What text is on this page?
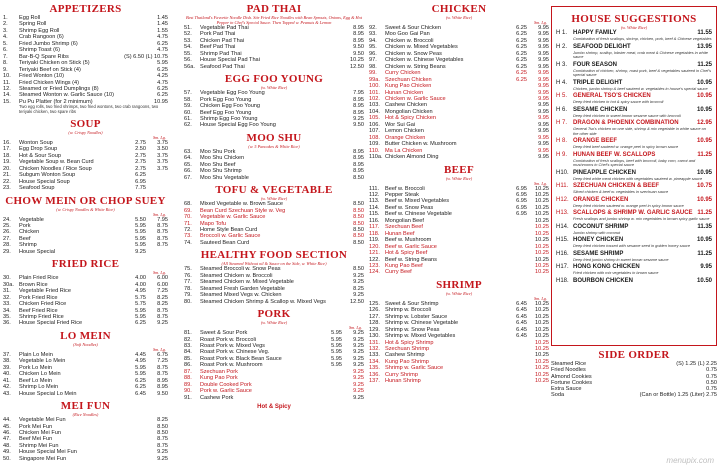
APPETIZERS
1.	Egg Roll	1.45
2.	Spring Roll	1.45
3.	Shrimp Egg Roll	1.55
4.	Crab Rangoon (6)	4.75
5.	Fried Jumbo Shrimp (6)	6.25
6.	Shrimp Toast (6)	4.75
7.	Bar-B-Q Spare Ribs	(S) 6.50 (L) 10.75
8.	Teriyaki Chicken on Stick (5)	5.95
9.	Teriyaki Beef on Stick (4)	6.25
10.	Fried Wonton (10)	4.25
11.	Fried Chicken Wings (4)	4.75
12.	Steamed or Fried Dumplings (8)	6.25
14.	Steamed Wonton w. Garlic Sauce (10)	6.25
15.	Pu Pu Platter (for 2 minimum)	10.95
Two egg rolls, two fried shrimps, two fried wontons, two crab rangoons, two teriyaki chicken, two spare ribs
SOUP
(w. Crispy Noodles)
Sm. Lg.
16.	Wonton Soup	2.75	3.75
17.	Egg Drop Soup	2.50	3.50
18.	Hot & Sour Soup	2.75	3.75
19.	Vegetable Soup w. Bean Curd	2.75	3.75
20.	Chicken Noodles / Rice Soup	2.75	3.75
21.	Subgum Wonton Soup	6.25
22.	House Special Soup	6.95
23.	Seafood Soup	7.75
CHOW MEIN OR CHOP SUEY
(w. Crispy Noodles & White Rice)
Sm. Lg.
24.	Vegetable	5.50	7.95
25.	Pork	5.95	8.75
26.	Chicken	5.95	8.75
27.	Beef	5.95	8.75
28.	Shrimp	5.95	8.75
29.	House Special	9.25
FRIED RICE
Sm. Lg.
30.	Plain Fried Rice	4.00	6.00
30a. Brown Rice	4.00	6.00
31.	Vegetable Fried Rice	4.95	7.25
32.	Pork Fried Rice	5.75	8.25
33.	Chicken Fried Rice	5.75	8.25
34.	Beef Fried Rice	5.95	8.75
35.	Shrimp Fried Rice	5.95	8.75
36.	House Special Fried Rice	6.25	9.25
LO MEIN
(Soft Noodles)
Sm. Lg.
37.	Plain Lo Mein	4.45	6.75
38.	Vegetable Lo Mein	4.95	7.25
39.	Pork Lo Mein	5.95	8.75
40.	Chicken Lo Mein	5.95	8.75
41.	Beef Lo Mein	6.25	8.95
42.	Shrimp Lo Mein	6.25	8.95
43.	House Special Lo Mein	6.45	9.50
MEI FUN
(Rice Noodles)
44.	Vegetable Mei Fun	8.25
45.	Pork Mei Fun	8.50
46.	Chicken Mei Fun	8.50
47.	Beef Mei Fun	8.75
48.	Shrimp Mei Fun	8.75
49.	House Special Mei Fun	9.25
50.	Singapore Mei Fun	9.25
PAD THAI
Best Thailand's Favorite Noodle Dish. Stir Fried Rice Noodles with Bean Sprouts, Onions, Egg & Hot Pepper in Chef's Special Sauce. Then Topped w. Peanuts & Lemon
51.	Vegetable Pad Thai	8.95
52.	Pork Pad Thai	8.95
53.	Chicken Pad Thai	8.95
54.	Beef Pad Thai	9.50
55.	Shrimp Pad Thai	9.50
56.	House Special Pad Thai	10.25
56a. Seafood Pad Thai	12.50
EGG FOO YOUNG
(w. White Rice)
57.	Vegetable Egg Foo Young	7.95
58.	Pork Egg Foo Young	8.95
59.	Chicken Egg Foo Young	8.95
60.	Beef Egg Foo Young	8.95
61.	Shrimp Egg Foo Young	9.25
62.	House Special Egg Foo Young	9.50
MOO SHU
(w. 5 Pancakes & White Rice)
63.	Moo Shu Pork	8.95
64.	Moo Shu Chicken	8.95
65.	Moo Shu Beef	8.95
66.	Moo Shu Shrimp	8.95
67.	Moo Shu Vegetable	8.50
TOFU & VEGETABLE
(w. White Rice)
68.	Mixed Vegetable w. Brown Sauce	8.50
69.	Bean Curd Szechuan Style w. Veg	8.50
70.	Vegetable w. Garlic Sauce	8.50
71.	Mapo Tofu	8.50
72.	Home Style Bean Curd	8.50
73.	Broccoli w. Garlic Sauce	8.50
74.	Sauteed Bean Curd	8.50
HEALTHY FOOD SECTION
(All Steamed Without oil & Sauce on the Side, w. White Rice)
75.	Steamed Broccoli w. Snow Peas	8.50
76.	Steamed Chicken w. Broccoli	9.25
77.	Steamed Chicken w. Mixed Vegetable	9.25
78.	Steamed Fresh Garden Vegetable	8.25
79.	Steamed Mixed Vegs w. Chicken	9.25
80.	Steamed Chicken Shrimp & Scallop w. Mixed Vegs	12.50
PORK
(w. White Rice)
Sm. Lg.
81.	Sweet & Sour Pork	5.95	9.25
82.	Roast Pork w. Broccoli	5.95	9.25
83.	Roast Pork w. Mixed Vegs	5.95	9.25
84.	Roast Pork w. Chinese Veg.	5.95	9.25
85.	Roast Pork w. Black Bean Sauce	5.95	9.25
86.	Roast Pork w. Mushroom	5.95	9.25
87.	Szechuan Pork	9.25
88.	Kung Pao Pork	9.25
89.	Double Cooked Pork	9.25
90.	Pork w. Garlic Sauce	9.25
91.	Cashew Pork	9.25
Hot & Spicy
CHICKEN
(w. White Rice)
Sm. Lg.
92.	Sweet & Sour Chicken	6.25	9.95
93.	Moo Goo Gai Pan	6.25	9.95
94.	Chicken w. Broccoli	6.25	9.95
95.	Chicken w. Mixed Vegetables	6.25	9.95
96.	Chicken w. Snow Peas	6.25	9.95
97.	Chicken w. Chinese Vegetables	6.25	9.95
98.	Chicken w. String Beans	6.25	9.95
99.	Curry Chicken	6.25	9.95
99a. Szechuan Chicken	6.25	9.95
100. Kung Pao Chicken	9.95
101. Hunan Chicken	9.95
102. Chicken w. Garlic Sauce	9.95
103. Cashew Chicken	9.95
104. Mongolian Chicken	9.95
105. Hot & Spicy Chicken	9.95
106. Wor Sui Gai	9.95
107. Lemon Chicken	9.95
108. Orange Chicken	9.95
109. Butter Chicken w. Mushroom	9.95
110. Ma La Chicken	9.95
110a. Chicken Almond Ding	9.95
BEEF
(w. White Rice)
Sm. Lg.
111.	Beef w. Broccoli	6.95	10.25
112. Pepper Steak	6.95	10.25
113. Beef w. Mixed Vegetables	6.95	10.25
114. Beef w. Snow Peas	6.95	10.25
115. Beef w. Chinese Vegetable	6.95	10.25
116. Mongolian Beef	10.25
117. Szechuan Beef	10.25
118. Hunan Beef	10.25
119. Beef w. Mushroom	10.25
120. Beef w. Garlic Sauce	10.25
121. Hot & Spicy Beef	10.25
122. Beef w. String Beans	10.25
123. Kung Pao Beef	10.25
124. Curry Beef	10.25
SHRIMP
(w. White Rice)
Sm. Lg.
125. Sweet & Sour Shrimp	6.45	10.25
126. Shrimp w. Broccoli	6.45	10.25
127. Shrimp w. Lobster Sauce	6.45	10.25
128. Shrimp w. Chinese Vegetable	6.45	10.25
129. Shrimp w. Snow Peas	6.45	10.25
130. Shrimp w. Mixed Vegetables	6.45	10.25
131. Hot & Spicy Shrimp	10.25
132. Szechuan Shrimp	10.25
133. Cashew Shrimp	10.25
134. Kung Pao Shrimp	10.25
135. Shrimp w. Garlic Sauce	10.25
136. Curry Shrimp	10.25
137. Hunan Shrimp	10.25
HOUSE SUGGESTIONS
(w. White Rice)
H 1. HAPPY FAMILY	11.55
Combination of fresh scallops, shrimp, chicken, pork, beef & Chinese vegetables
H 2. SEAFOOD DELIGHT	13.95
Jumbo shrimp, scallop, lobster meat, crab meat & Chinese vegetables in white sauce
H 3. FOUR SEASON	11.25
Combination of chicken, shrimp, roast pork, beef & vegetables sauteed in Chef's special sauce
H 4. TRIPLE DELIGHT	10.95
Chicken, jumbo shrimp & beef sauteed w. vegetables in house's special sauce
H 5. GENERAL TSO'S CHICKEN	10.95
Deep fried chicken in hot & spicy sauce with broccoli
H 6. SESAME CHICKEN	10.95
Deep fried chicken in sweet brown sesame sauce with broccoli
H 7. DRAGON & PHOENIX COMBINATION	12.95
General Tso's chicken on one side, shrimp & mix vegetable in white sauce on the other side
H 8. ORANGE BEEF	10.95
Deep fried beef sauteed w. orange peel in spicy brown sauce
H 9. HUNAN BEEF W. SCALLOPS	11.25
Combination of fresh scallops, beef with broccoli, baby corn, carrot and mushrooms in Chef's special sauce
H10. PINEAPPLE CHICKEN	10.95
Deep fried white meat chicken with vegetables sauteed w. pineapple sauce
H11. SZECHUAN CHICKEN & BEEF	10.75
Sliced chicken & beef w. vegetables in szechuan sauce
H12. ORANGE CHICKEN	10.95
Deep fried chicken sauteed w. orange peel in spicy brown sauce
H13. SCALLOPS & SHRIMP W. GARLIC SAUCE 11.25
Fresh scallops and jumbo shrimp w. mix vegetables in brown spicy garlic sauce
H14. COCONUT SHRIMP	11.35
Jumbo shrimp with coconut
H15. HONEY CHICKEN	10.95
Deep fried chicken tossed with sesame seed in golden honey sauce
H16. SESAME SHRIMP	11.25
Deep fried jumbo shrimp in sweet brown sesame sauce
H17. HONG KONG CHICKEN	9.95
Fried chicken with mix vegetables in brown sauce
H18. BOURBON CHICKEN	10.50
SIDE ORDER
Steamed Rice	(S) 1.25 (L) 2.25
Fried Noodles	0.75
Almond Cookies	0.75
Fortune Cookies	0.50
Extra Sauce	0.75
Soda	(Can or Bottle) 1.25 (Liter) 2.75
menupix.com
